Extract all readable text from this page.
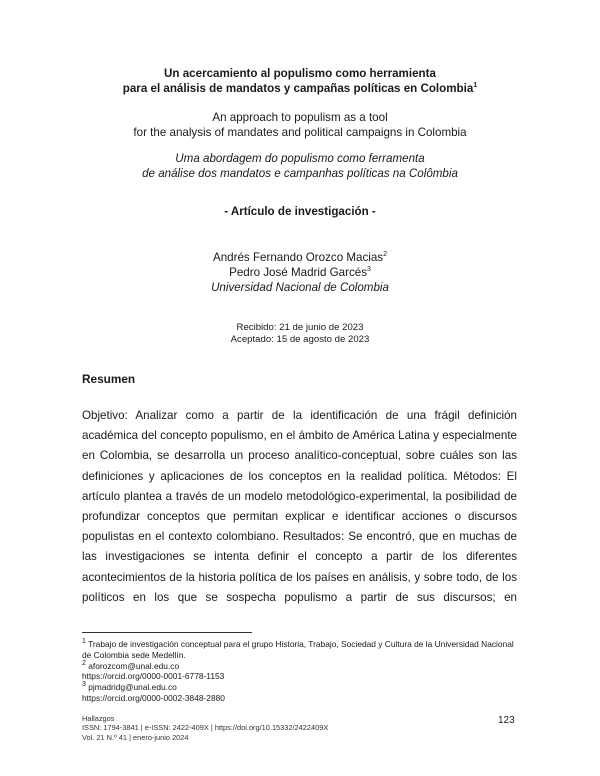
Un acercamiento al populismo como herramienta
para el análisis de mandatos y campañas políticas en Colombia$^1$
An approach to populism as a tool
for the analysis of mandates and political campaigns in Colombia
Uma abordagem do populismo como ferramenta
de análise dos mandatos e campanhas políticas na Colômbia
- Artículo de investigación -
Andrés Fernando Orozco Macias$^2$
Pedro José Madrid Garcés$^3$
Universidad Nacional de Colombia
Recibido: 21 de junio de 2023
Aceptado: 15 de agosto de 2023
Resumen
Objetivo: Analizar como a partir de la identificación de una frágil definición
académica del concepto populismo, en el ámbito de América Latina y especialmente
en Colombia, se desarrolla un proceso analítico-conceptual, sobre cuáles son las
definiciones y aplicaciones de los conceptos en la realidad política. Métodos: El
artículo plantea a través de un modelo metodológico-experimental, la posibilidad de
profundizar conceptos que permitan explicar e identificar acciones o discursos
populistas en el contexto colombiano. Resultados: Se encontró, que en muchas de
las investigaciones se intenta definir el concepto a partir de los diferentes
acontecimientos de la historia política de los países en análisis, y sobre todo, de los
políticos en los que se sospecha populismo a partir de sus discursos; en
$^1$ Trabajo de investigación conceptual para el grupo Historia, Trabajo, Sociedad y Cultura de la Universidad Nacional de Colombia sede Medellín.
$^2$ aforozcom@unal.edu.co
https://orcid.org/0000-0001-6778-1153
$^3$ pjmadridg@unal.edu.co
https://orcid.org/0000-0002-3848-2880
Hallazgos
ISSN: 1794-3841 | e-ISSN: 2422-409X | https://doi.org/10.15332/2422409X
Vol. 21 N.º 41 | enero-junio 2024
123
